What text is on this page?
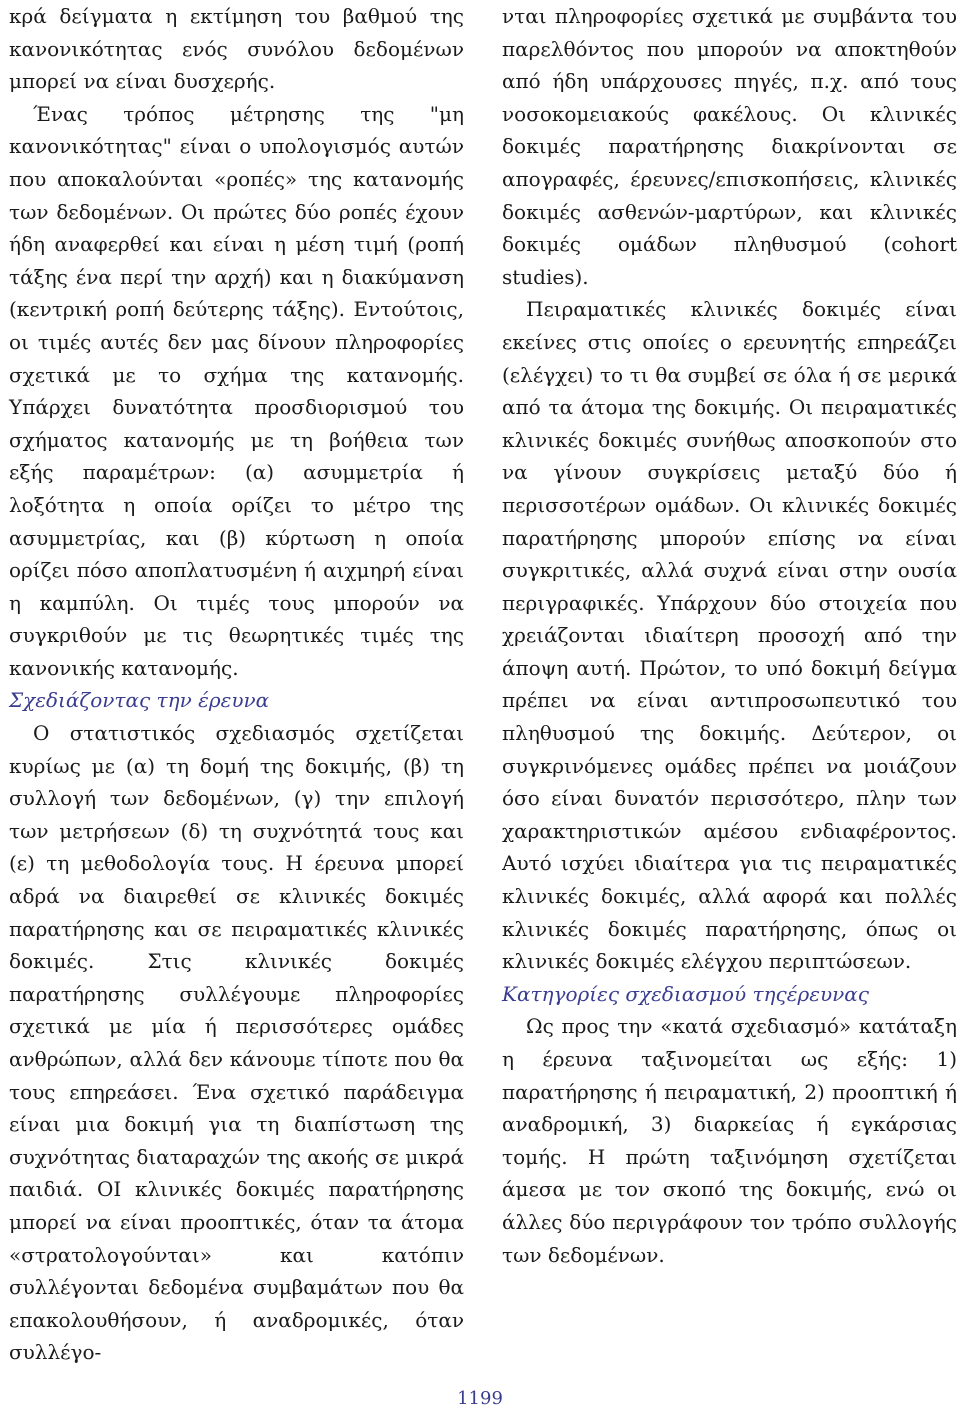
κρά δείγματα η εκτίμηση του βαθμού της κανονικότητας ενός συνόλου δεδομένων μπορεί να είναι δυσχερής.

Ένας τρόπος μέτρησης της "μη κανονικότητας" είναι ο υπολογισμός αυτών που αποκαλούνται «ροπές» της κατανομής των δεδομένων. Οι πρώτες δύο ροπές έχουν ήδη αναφερθεί και είναι η μέση τιμή (ροπή τάξης ένα περί την αρχή) και η διακύμανση (κεντρική ροπή δεύτερης τάξης). Εντούτοις, οι τιμές αυτές δεν μας δίνουν πληροφορίες σχετικά με το σχήμα της κατανομής. Υπάρχει δυνατότητα προσδιορισμού του σχήματος κατανομής με τη βοήθεια των εξής παραμέτρων: (α) ασυμμετρία ή λοξότητα η οποία ορίζει το μέτρο της ασυμμετρίας, και (β) κύρτωση η οποία ορίζει πόσο αποπλατυσμένη ή αιχμηρή είναι η καμπύλη. Οι τιμές τους μπορούν να συγκριθούν με τις θεωρητικές τιμές της κανονικής κατανομής.

Σχεδιάζοντας την έρευνα

Ο στατιστικός σχεδιασμός σχετίζεται κυρίως με (α) τη δομή της δοκιμής, (β) τη συλλογή των δεδομένων, (γ) την επιλογή των μετρήσεων (δ) τη συχνότητά τους και (ε) τη μεθοδολογία τους. Η έρευνα μπορεί αδρά να διαιρεθεί σε κλινικές δοκιμές παρατήρησης και σε πειραματικές κλινικές δοκιμές. Στις κλινικές δοκιμές παρατήρησης συλλέγουμε πληροφορίες σχετικά με μία ή περισσότερες ομάδες ανθρώπων, αλλά δεν κάνουμε τίποτε που θα τους επηρεάσει. Ένα σχετικό παράδειγμα είναι μια δοκιμή για τη διαπίστωση της συχνότητας διαταραχών της ακοής σε μικρά παιδιά. ΟΙ κλινικές δοκιμές παρατήρησης μπορεί να είναι προοπτικές, όταν τα άτομα «στρατολογούνται» και κατόπιν συλλέγονται δεδομένα συμβαμάτων που θα επακολουθήσουν, ή αναδρομικές, όταν συλλέγο-

νται πληροφορίες σχετικά με συμβάντα του παρελθόντος που μπορούν να αποκτηθούν από ήδη υπάρχουσες πηγές, π.χ. από τους νοσοκομειακούς φακέλους. Οι κλινικές δοκιμές παρατήρησης διακρίνονται σε απογραφές, έρευνες/επισκοπήσεις, κλινικές δοκιμές ασθενών-μαρτύρων, και κλινικές δοκιμές ομάδων πληθυσμού (cohort studies).

Πειραματικές κλινικές δοκιμές είναι εκείνες στις οποίες ο ερευνητής επηρεάζει (ελέγχει) το τι θα συμβεί σε όλα ή σε μερικά από τα άτομα της δοκιμής. Οι πειραματικές κλινικές δοκιμές συνήθως αποσκοπούν στο να γίνουν συγκρίσεις μεταξύ δύο ή περισσοτέρων ομάδων. Οι κλινικές δοκιμές παρατήρησης μπορούν επίσης να είναι συγκριτικές, αλλά συχνά είναι στην ουσία περιγραφικές. Υπάρχουν δύο στοιχεία που χρειάζονται ιδιαίτερη προσοχή από την άποψη αυτή. Πρώτον, το υπό δοκιμή δείγμα πρέπει να είναι αντιπροσωπευτικό του πληθυσμού της δοκιμής. Δεύτερον, οι συγκρινόμενες ομάδες πρέπει να μοιάζουν όσο είναι δυνατόν περισσότερο, πλην των χαρακτηριστικών αμέσου ενδιαφέροντος. Αυτό ισχύει ιδιαίτερα για τις πειραματικές κλινικές δοκιμές, αλλά αφορά και πολλές κλινικές δοκιμές παρατήρησης, όπως οι κλινικές δοκιμές ελέγχου περιπτώσεων.

Κατηγορίες σχεδιασμού τηςέρευνας

Ως προς την «κατά σχεδιασμό» κατάταξη η έρευνα ταξινομείται ως εξής: 1) παρατήρησης ή πειραματική, 2) προοπτική ή αναδρομική, 3) διαρκείας ή εγκάρσιας τομής. Η πρώτη ταξινόμηση σχετίζεται άμεσα με τον σκοπό της δοκιμής, ενώ οι άλλες δύο περιγράφουν τον τρόπο συλλογής των δεδομένων.

1199
